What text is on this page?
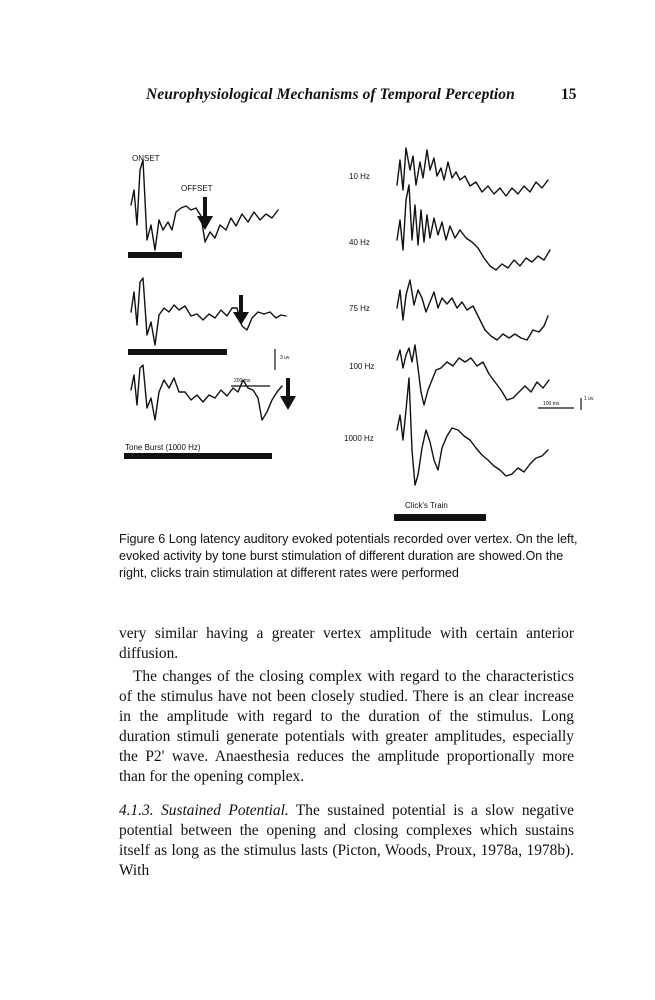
Neurophysiological Mechanisms of Temporal Perception	15
ONSET
OFFSET
3 uv
200 ms
Tone Burst (1000 Hz)
10 Hz
40 Hz
75 Hz
100 Hz
1000 Hz
100 ms
1 uv
Click's Train
Figure 6 Long latency auditory evoked potentials recorded over vertex. On the left, evoked activity by tone burst stimulation of different duration are showed.On the right, clicks train stimulation at different rates were performed

very similar having a greater vertex amplitude with certain anterior diffusion.

The changes of the closing complex with regard to the characteristics of the stimulus have not been closely studied. There is an clear increase in the amplitude with regard to the duration of the stimulus. Long duration stimuli generate potentials with greater amplitudes, especially the P2' wave. Anaesthesia reduces the amplitude proportionally more than for the opening complex.

4.1.3. Sustained Potential. The sustained potential is a slow negative potential between the opening and closing complexes which sustains itself as long as the stimulus lasts (Picton, Woods, Proux, 1978a, 1978b). With
